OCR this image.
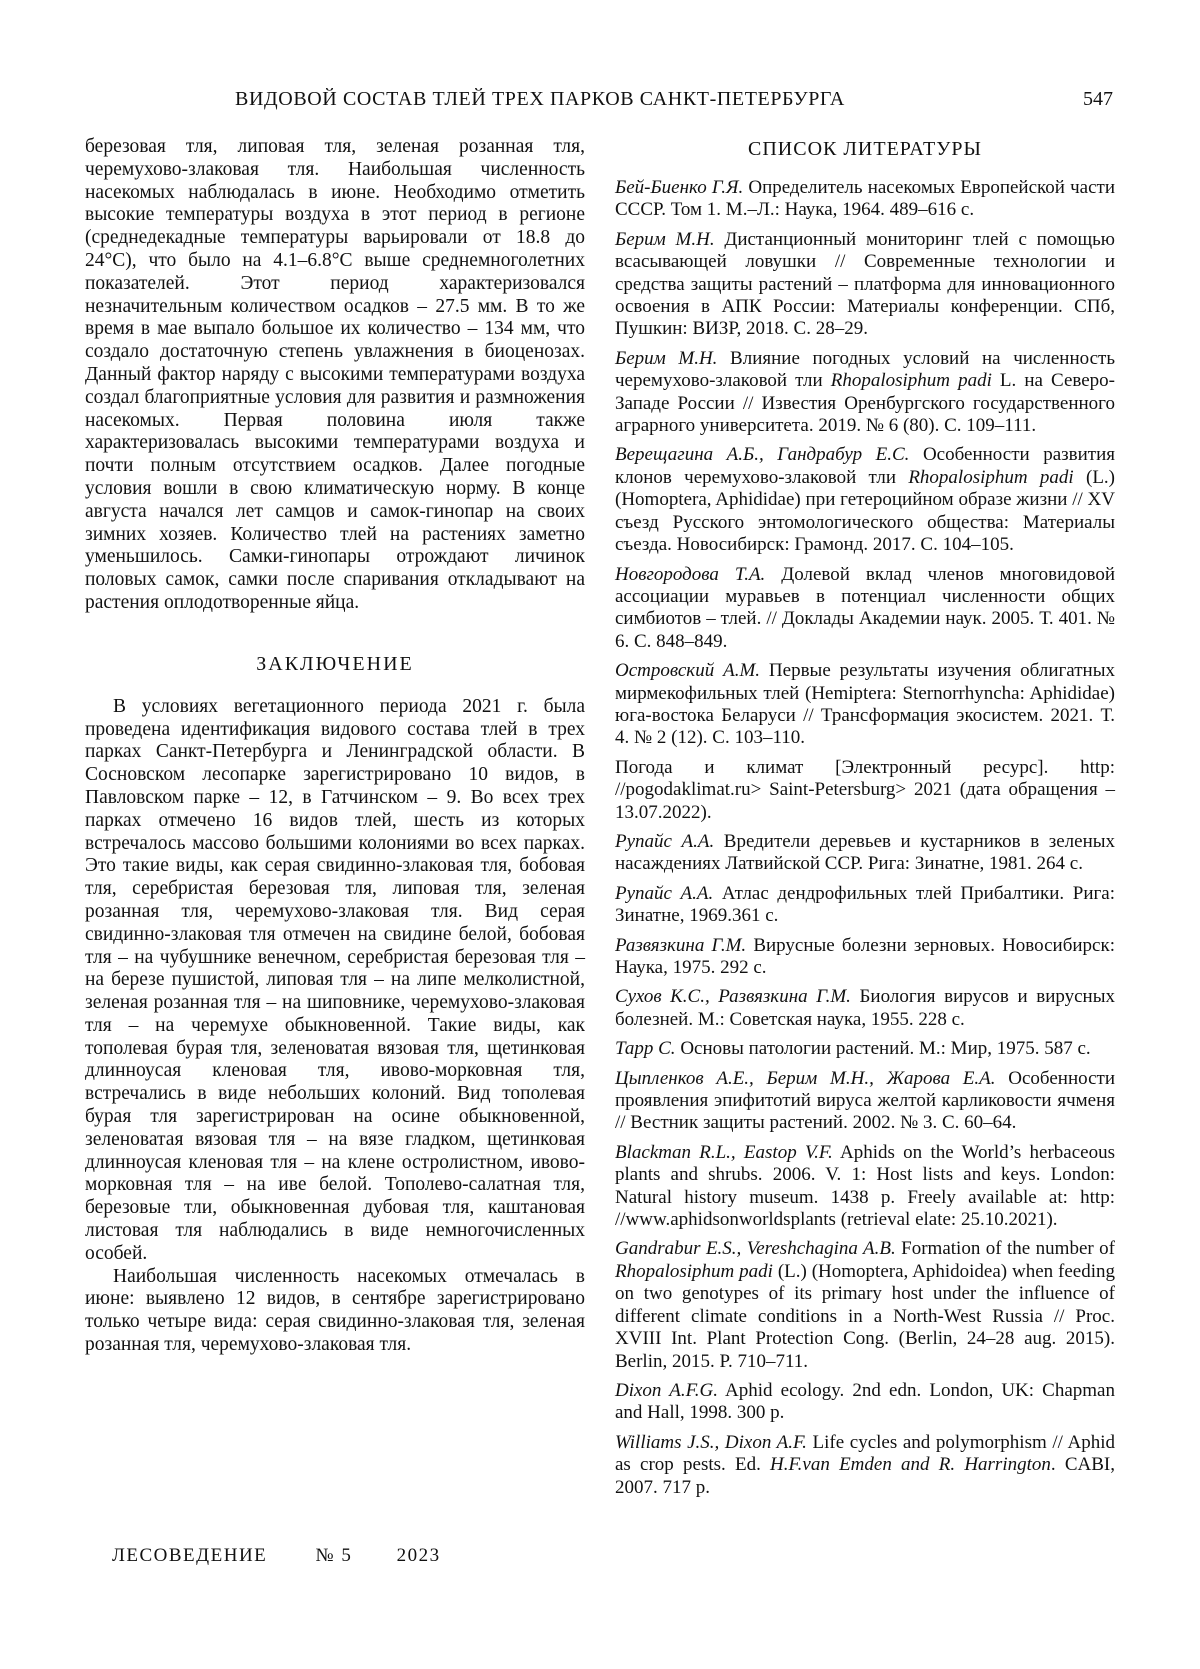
ВИДОВОЙ СОСТАВ ТЛЕЙ ТРЕХ ПАРКОВ САНКТ-ПЕТЕРБУРГА	547

березовая тля, липовая тля, зеленая розанная тля, черемухово-злаковая тля. Наибольшая численность насекомых наблюдалась в июне. Необходимо отметить высокие температуры воздуха в этот период в регионе (среднедекадные температуры варьировали от 18.8 до 24°С), что было на 4.1–6.8°С выше среднемноголетних показателей. Этот период характеризовался незначительным количеством осадков – 27.5 мм. В то же время в мае выпало большое их количество – 134 мм, что создало достаточную степень увлажнения в биоценозах. Данный фактор наряду с высокими температурами воздуха создал благоприятные условия для развития и размножения насекомых. Первая половина июля также характеризовалась высокими температурами воздуха и почти полным отсутствием осадков. Далее погодные условия вошли в свою климатическую норму. В конце августа начался лет самцов и самок-гинопар на своих зимних хозяев. Количество тлей на растениях заметно уменьшилось. Самки-гинопары отрождают личинок половых самок, самки после спаривания откладывают на растения оплодотворенные яйца.

ЗАКЛЮЧЕНИЕ

В условиях вегетационного периода 2021 г. была проведена идентификация видового состава тлей в трех парках Санкт-Петербурга и Ленинградской области. В Сосновском лесопарке зарегистрировано 10 видов, в Павловском парке – 12, в Гатчинском – 9. Во всех трех парках отмечено 16 видов тлей, шесть из которых встречалось массово большими колониями во всех парках. Это такие виды, как серая свидинно-злаковая тля, бобовая тля, серебристая березовая тля, липовая тля, зеленая розанная тля, черемухово-злаковая тля. Вид серая свидинно-злаковая тля отмечен на свидине белой, бобовая тля – на чубушнике венечном, серебристая березовая тля – на березе пушистой, липовая тля – на липе мелколистной, зеленая розанная тля – на шиповнике, черемухово-злаковая тля – на черемухе обыкновенной. Такие виды, как тополевая бурая тля, зеленоватая вязовая тля, щетинковая длинноусая кленовая тля, ивово-морковная тля, встречались в виде небольших колоний. Вид тополевая бурая тля зарегистрирован на осине обыкновенной, зеленоватая вязовая тля – на вязе гладком, щетинковая длинноусая кленовая тля – на клене остролистном, ивово-морковная тля – на иве белой. Тополево-салатная тля, березовые тли, обыкновенная дубовая тля, каштановая листовая тля наблюдались в виде немногочисленных особей.

Наибольшая численность насекомых отмечалась в июне: выявлено 12 видов, в сентябре зарегистрировано только четыре вида: серая свидинно-злаковая тля, зеленая розанная тля, черемухово-злаковая тля.

СПИСОК ЛИТЕРАТУРЫ

Бей-Биенко Г.Я. Определитель насекомых Европейской части СССР. Том 1. М.–Л.: Наука, 1964. 489–616 с.

Берим М.Н. Дистанционный мониторинг тлей с помощью всасывающей ловушки // Современные технологии и средства защиты растений – платформа для инновационного освоения в АПК России: Материалы конференции. СПб, Пушкин: ВИЗР, 2018. С. 28–29.

Берим М.Н. Влияние погодных условий на численность черемухово-злаковой тли Rhopalosiphum padi L. на Северо-Западе России // Известия Оренбургского государственного аграрного университета. 2019. № 6 (80). С. 109–111.

Верещагина А.Б., Гандрабур Е.С. Особенности развития клонов черемухово-злаковой тли Rhopalosiphum padi (L.) (Homoptera, Aphididae) при гетероцийном образе жизни // XV съезд Русского энтомологического общества: Материалы съезда. Новосибирск: Грамонд. 2017. С. 104–105.

Новгородова Т.А. Долевой вклад членов многовидовой ассоциации муравьев в потенциал численности общих симбиотов – тлей. // Доклады Академии наук. 2005. Т. 401. № 6. С. 848–849.

Островский А.М. Первые результаты изучения облигатных мирмекофильных тлей (Hemiptera: Sternorrhyncha: Aphididae) юга-востока Беларуси // Трансформация экосистем. 2021. Т. 4. № 2 (12). С. 103–110.

Погода и климат [Электронный ресурс]. http: //pogodaklimat.ru> Saint-Petersburg> 2021 (дата обращения – 13.07.2022).

Рупайс А.А. Вредители деревьев и кустарников в зеленых насаждениях Латвийской ССР. Рига: Зинатне, 1981. 264 с.

Рупайс А.А. Атлас дендрофильных тлей Прибалтики. Рига: Зинатне, 1969.361 с.

Развязкина Г.М. Вирусные болезни зерновых. Новосибирск: Наука, 1975. 292 с.

Сухов К.С., Развязкина Г.М. Биология вирусов и вирусных болезней. М.: Советская наука, 1955. 228 с.

Тарр С. Основы патологии растений. М.: Мир, 1975. 587 с.

Цыпленков А.Е., Берим М.Н., Жарова Е.А. Особенности проявления эпифитотий вируса желтой карликовости ячменя // Вестник защиты растений. 2002. № 3. С. 60–64.

Blackman R.L., Eastop V.F. Aphids on the World’s herbaceous plants and shrubs. 2006. V. 1: Host lists and keys. London: Natural history museum. 1438 p. Freely available at: http: //www.aphidsonworldsplants (retrieval elate: 25.10.2021).

Gandrabur E.S., Vereshchagina A.B. Formation of the number of Rhopalosiphum padi (L.) (Homoptera, Aphidoidea) when feeding on two genotypes of its primary host under the influence of different climate conditions in a North-West Russia // Proc. XVIII Int. Plant Protection Cong. (Berlin, 24–28 aug. 2015). Berlin, 2015. P. 710–711.

Dixon A.F.G. Aphid ecology. 2nd edn. London, UK: Chapman and Hall, 1998. 300 p.

Williams J.S., Dixon A.F. Life cycles and polymorphism // Aphid as crop pests. Ed. H.F.van Emden and R. Harrington. CABI, 2007. 717 p.

ЛЕСОВЕДЕНИЕ	№ 5 2023
